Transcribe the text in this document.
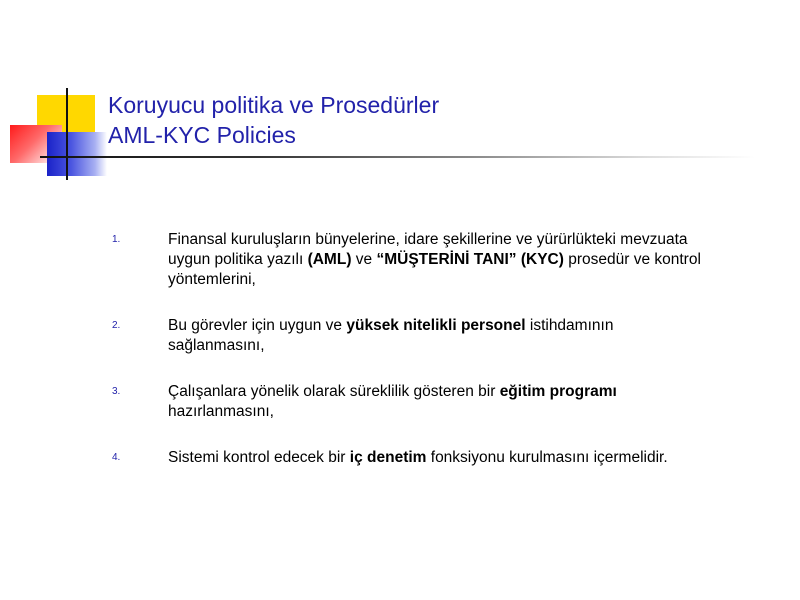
Koruyucu politika ve Prosedürler
AML-KYC Policies
1.	Finansal kuruluşların bünyelerine, idare şekillerine ve yürürlükteki mevzuata uygun politika yazılı (AML) ve “MÜŞTERİNİ TANI” (KYC) prosedür ve kontrol yöntemlerini,
2.	Bu görevler için uygun ve yüksek nitelikli personel istihdamının sağlanmasını,
3.	Çalışanlara yönelik olarak süreklilik gösteren bir eğitim programı hazırlanmasını,
4.	Sistemi kontrol edecek bir iç denetim fonksiyonu kurulmasını içermelidir.
